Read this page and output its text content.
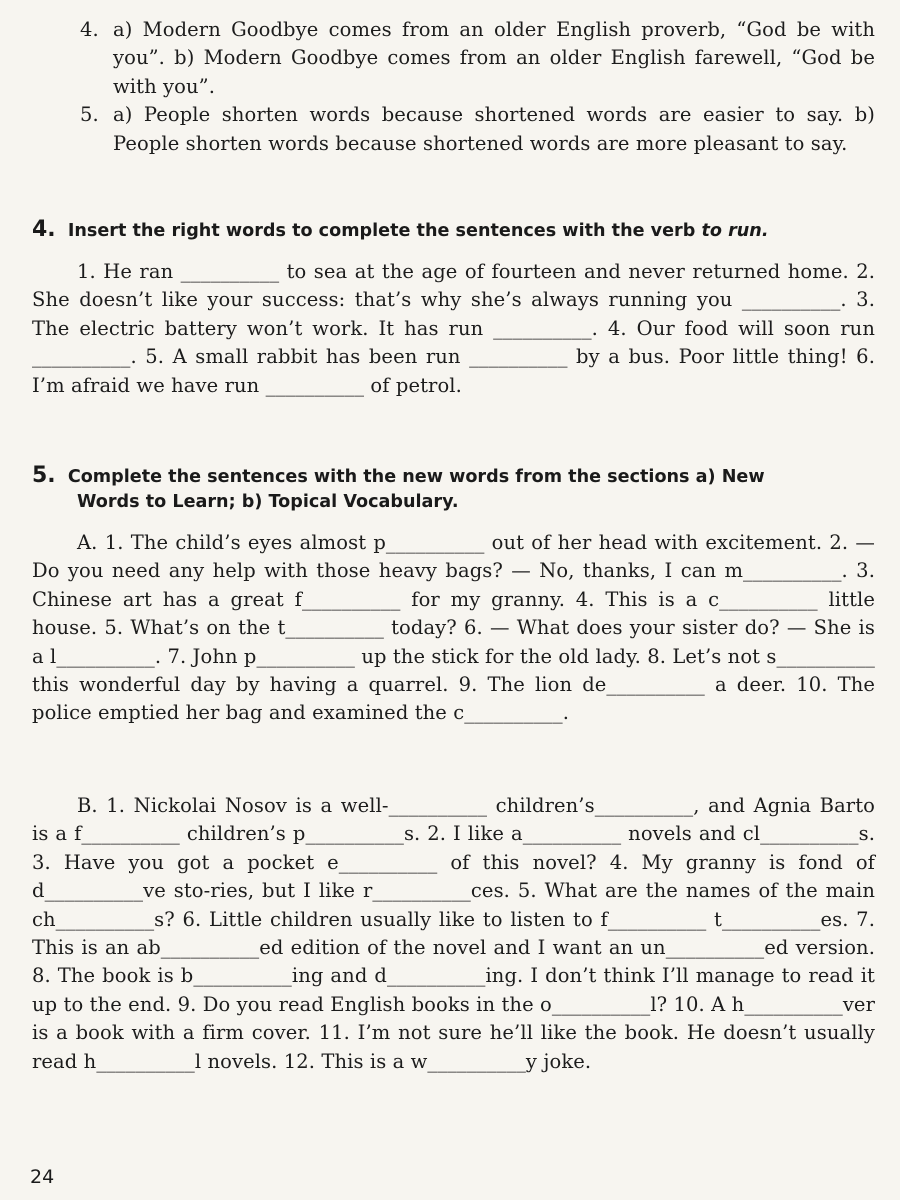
4. a) Modern Goodbye comes from an older English proverb, “God be with you”. b) Modern Goodbye comes from an older English farewell, “God be with you”.
5. a) People shorten words because shortened words are easier to say. b) People shorten words because shortened words are more pleasant to say.
4. Insert the right words to complete the sentences with the verb to run.

1. He ran __________ to sea at the age of fourteen and never returned home. 2. She doesn’t like your success: that’s why she’s always running you __________. 3. The electric battery won’t work. It has run __________. 4. Our food will soon run __________. 5. A small rabbit has been run __________ by a bus. Poor little thing! 6. I’m afraid we have run __________ of petrol.

5. Complete the sentences with the new words from the sections a) New
Words to Learn; b) Topical Vocabulary.

A. 1. The child’s eyes almost p__________ out of her head with excitement. 2. — Do you need any help with those heavy bags? — No, thanks, I can m__________. 3. Chinese art has a great f__________ for my granny. 4. This is a c__________ little house. 5. What’s on the t__________ today? 6. — What does your sister do? — She is a l__________. 7. John p__________ up the stick for the old lady. 8. Let’s not s__________ this wonderful day by having a quarrel. 9. The lion de__________ a deer. 10. The police emptied her bag and examined the c__________.

B. 1. Nickolai Nosov is a well-__________ children’s__________, and Agnia Barto is a f__________ children’s p__________s. 2. I like a__________ novels and cl__________s. 3. Have you got a pocket e__________ of this novel? 4. My granny is fond of d__________ve sto-ries, but I like r__________ces. 5. What are the names of the main ch__________s? 6. Little children usually like to listen to f__________ t__________es. 7. This is an ab__________ed edition of the novel and I want an un__________ed version. 8. The book is b__________ing and d__________ing. I don’t think I’ll manage to read it up to the end. 9. Do you read English books in the o__________l? 10. A h__________ver is a book with a firm cover. 11. I’m not sure he’ll like the book. He doesn’t usually read h__________l novels. 12. This is a w__________y joke.

24
